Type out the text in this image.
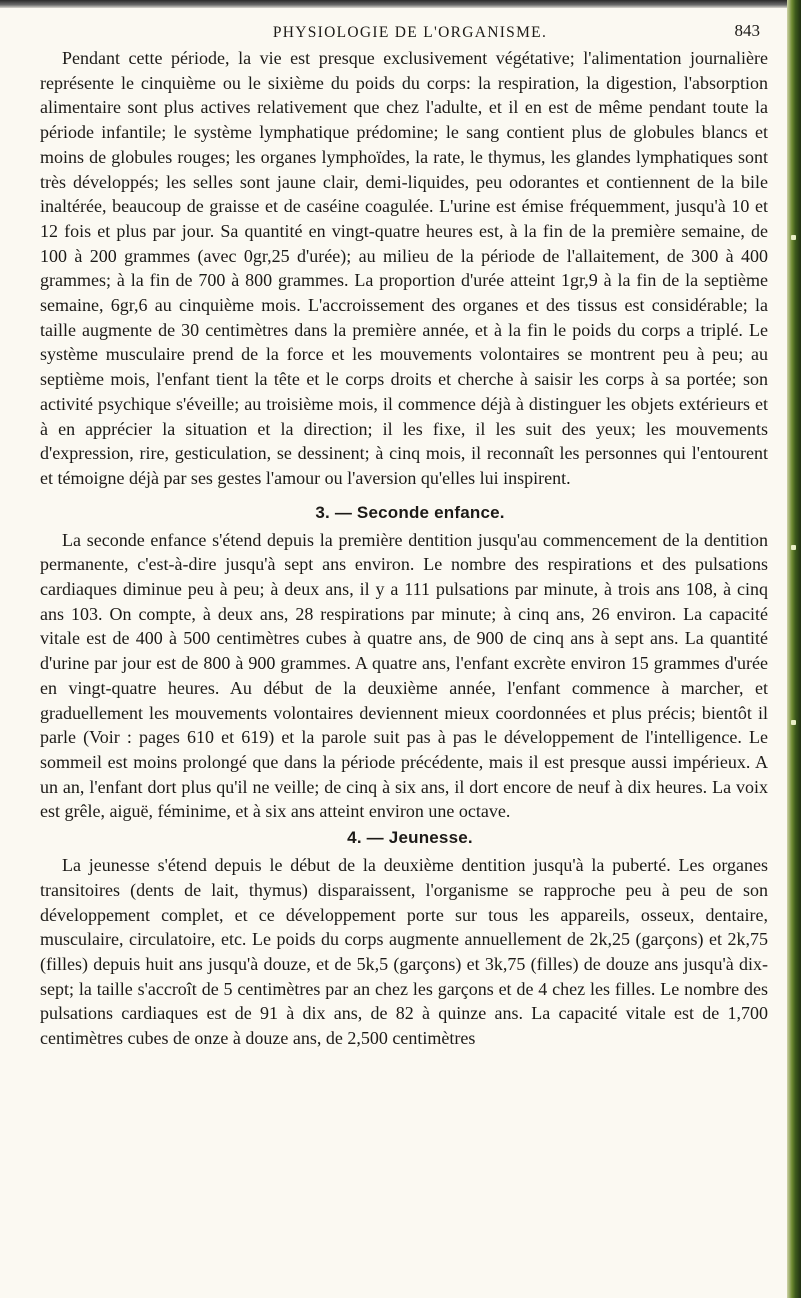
PHYSIOLOGIE DE L'ORGANISME.	843

Pendant cette période, la vie est presque exclusivement végétative; l'alimentation journalière représente le cinquième ou le sixième du poids du corps: la respiration, la digestion, l'absorption alimentaire sont plus actives relativement que chez l'adulte, et il en est de même pendant toute la période infantile; le système lymphatique prédomine; le sang contient plus de globules blancs et moins de globules rouges; les organes lymphoïdes, la rate, le thymus, les glandes lymphatiques sont très développés; les selles sont jaune clair, demi-liquides, peu odorantes et contiennent de la bile inaltérée, beaucoup de graisse et de caséine coagulée. L'urine est émise fréquemment, jusqu'à 10 et 12 fois et plus par jour. Sa quantité en vingt-quatre heures est, à la fin de la première semaine, de 100 à 200 grammes (avec 0gr,25 d'urée); au milieu de la période de l'allaitement, de 300 à 400 grammes; à la fin de 700 à 800 grammes. La proportion d'urée atteint 1gr,9 à la fin de la septième semaine, 6gr,6 au cinquième mois. L'accroissement des organes et des tissus est considérable; la taille augmente de 30 centimètres dans la première année, et à la fin le poids du corps a triplé. Le système musculaire prend de la force et les mouvements volontaires se montrent peu à peu; au septième mois, l'enfant tient la tête et le corps droits et cherche à saisir les corps à sa portée; son activité psychique s'éveille; au troisième mois, il commence déjà à distinguer les objets extérieurs et à en apprécier la situation et la direction; il les fixe, il les suit des yeux; les mouvements d'expression, rire, gesticulation, se dessinent; à cinq mois, il reconnaît les personnes qui l'entourent et témoigne déjà par ses gestes l'amour ou l'aversion qu'elles lui inspirent.

3. — Seconde enfance.

La seconde enfance s'étend depuis la première dentition jusqu'au commencement de la dentition permanente, c'est-à-dire jusqu'à sept ans environ. Le nombre des respirations et des pulsations cardiaques diminue peu à peu; à deux ans, il y a 111 pulsations par minute, à trois ans 108, à cinq ans 103. On compte, à deux ans, 28 respirations par minute; à cinq ans, 26 environ. La capacité vitale est de 400 à 500 centimètres cubes à quatre ans, de 900 de cinq ans à sept ans. La quantité d'urine par jour est de 800 à 900 grammes. A quatre ans, l'enfant excrète environ 15 grammes d'urée en vingt-quatre heures. Au début de la deuxième année, l'enfant commence à marcher, et graduellement les mouvements volontaires deviennent mieux coordonnées et plus précis; bientôt il parle (Voir : pages 610 et 619) et la parole suit pas à pas le développement de l'intelligence. Le sommeil est moins prolongé que dans la période précédente, mais il est presque aussi impérieux. A un an, l'enfant dort plus qu'il ne veille; de cinq à six ans, il dort encore de neuf à dix heures. La voix est grêle, aiguë, féminime, et à six ans atteint environ une octave.

4. — Jeunesse.

La jeunesse s'étend depuis le début de la deuxième dentition jusqu'à la puberté. Les organes transitoires (dents de lait, thymus) disparaissent, l'organisme se rapproche peu à peu de son développement complet, et ce développement porte sur tous les appareils, osseux, dentaire, musculaire, circulatoire, etc. Le poids du corps augmente annuellement de 2k,25 (garçons) et 2k,75 (filles) depuis huit ans jusqu'à douze, et de 5k,5 (garçons) et 3k,75 (filles) de douze ans jusqu'à dix-sept; la taille s'accroît de 5 centimètres par an chez les garçons et de 4 chez les filles. Le nombre des pulsations cardiaques est de 91 à dix ans, de 82 à quinze ans. La capacité vitale est de 1,700 centimètres cubes de onze à douze ans, de 2,500 centimètres
